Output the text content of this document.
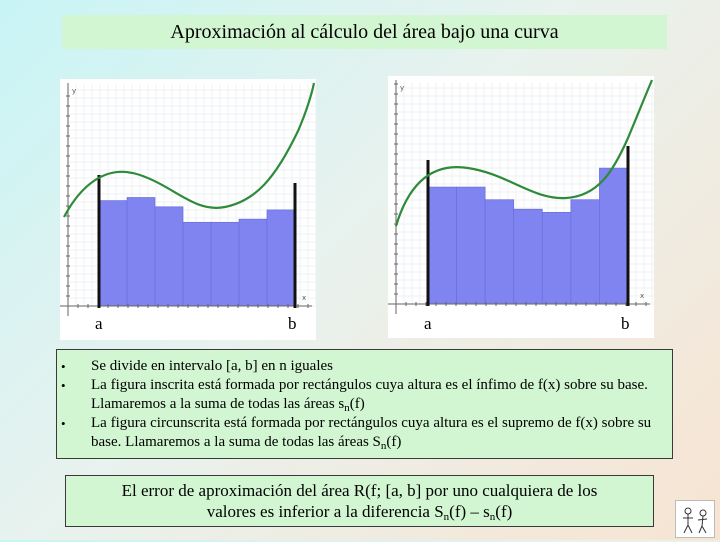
Aproximación al cálculo del área bajo una curva
y
x
a	b
y
x
a	b
• Se divide en intervalo [a, b] en n iguales
• La figura inscrita está formada por rectángulos cuya altura es el ínfimo de f(x) sobre su base. Llamaremos a la suma de todas las áreas $s_n(f)$
• La figura circunscrita está formada por rectángulos cuya altura es el supremo de f(x) sobre su base. Llamaremos a la suma de todas las áreas $S_n(f)$
El error de aproximación del área R(f; [a, b] por uno cualquiera de los
valores es inferior a la diferencia $S_n(f) - s_n(f)$
